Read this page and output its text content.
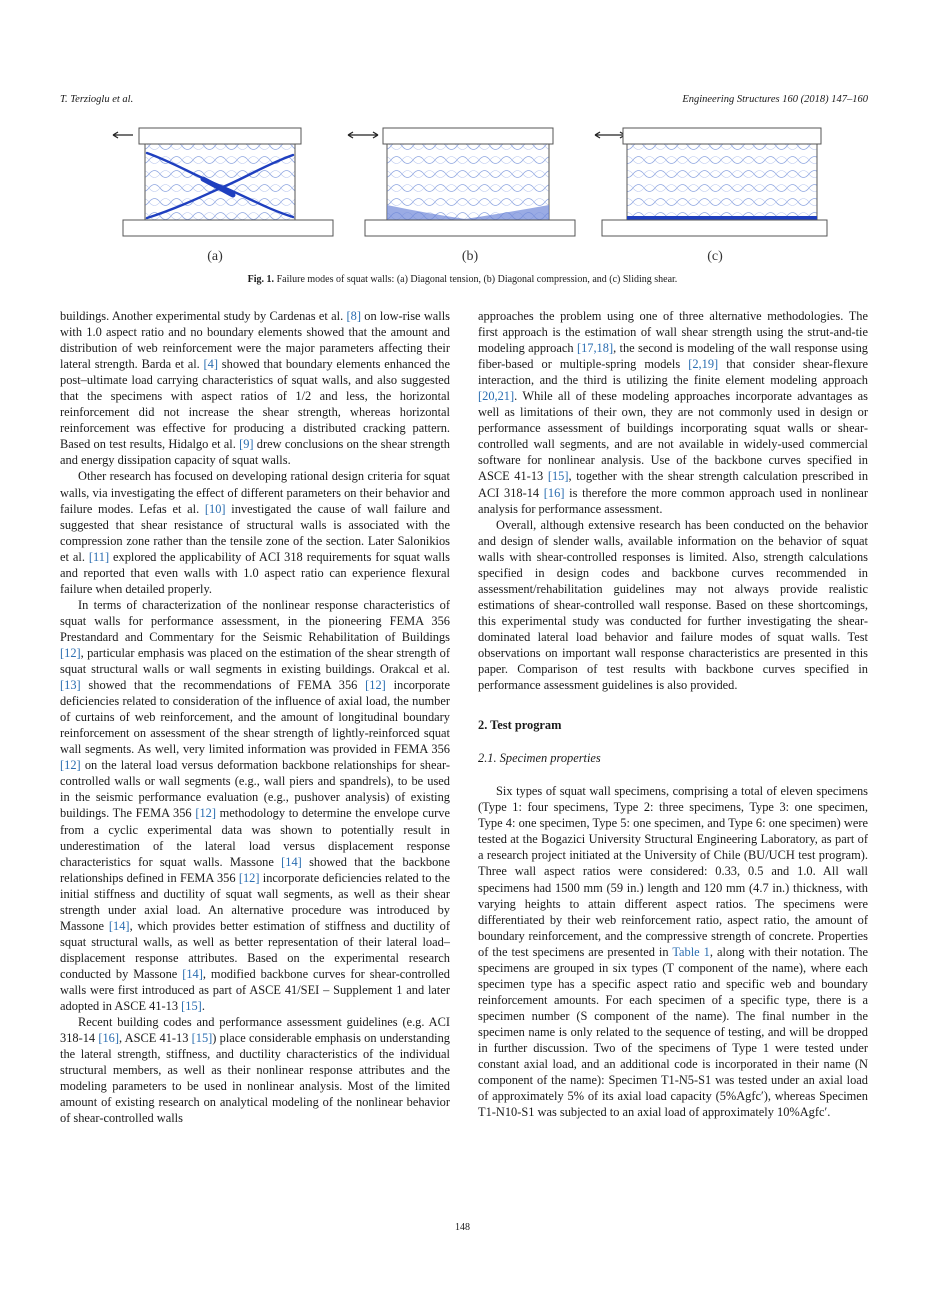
T. Terzioglu et al.	Engineering Structures 160 (2018) 147–160
(a)	(b)	(c)
Fig. 1. Failure modes of squat walls: (a) Diagonal tension, (b) Diagonal compression, and (c) Sliding shear.

buildings. Another experimental study by Cardenas et al. [8] on low-rise walls with 1.0 aspect ratio and no boundary elements showed that the amount and distribution of web reinforcement were the major parameters affecting their lateral strength. Barda et al. [4] showed that boundary elements enhanced the post–ultimate load carrying characteristics of squat walls, and also suggested that the specimens with aspect ratios of 1/2 and less, the horizontal reinforcement did not increase the shear strength, whereas horizontal reinforcement was effective for producing a distributed cracking pattern. Based on test results, Hidalgo et al. [9] drew conclusions on the shear strength and energy dissipation capacity of squat walls.

Other research has focused on developing rational design criteria for squat walls, via investigating the effect of different parameters on their behavior and failure modes. Lefas et al. [10] investigated the cause of wall failure and suggested that shear resistance of structural walls is associated with the compression zone rather than the tensile zone of the section. Later Salonikios et al. [11] explored the applicability of ACI 318 requirements for squat walls and reported that even walls with 1.0 aspect ratio can experience flexural failure when detailed properly.

In terms of characterization of the nonlinear response characteristics of squat walls for performance assessment, in the pioneering FEMA 356 Prestandard and Commentary for the Seismic Rehabilitation of Buildings [12], particular emphasis was placed on the estimation of the shear strength of squat structural walls or wall segments in existing buildings. Orakcal et al. [13] showed that the recommendations of FEMA 356 [12] incorporate deficiencies related to consideration of the influence of axial load, the number of curtains of web reinforcement, and the amount of longitudinal boundary reinforcement on assessment of the shear strength of lightly-reinforced squat wall segments. As well, very limited information was provided in FEMA 356 [12] on the lateral load versus deformation backbone relationships for shear-controlled walls or wall segments (e.g., wall piers and spandrels), to be used in the seismic performance evaluation (e.g., pushover analysis) of existing buildings. The FEMA 356 [12] methodology to determine the envelope curve from a cyclic experimental data was shown to potentially result in underestimation of the lateral load versus displacement response characteristics for squat walls. Massone [14] showed that the backbone relationships defined in FEMA 356 [12] incorporate deficiencies related to the initial stiffness and ductility of squat wall segments, as well as their shear strength under axial load. An alternative procedure was introduced by Massone [14], which provides better estimation of stiffness and ductility of squat structural walls, as well as better representation of their lateral load–displacement response attributes. Based on the experimental research conducted by Massone [14], modified backbone curves for shear-controlled walls were first introduced as part of ASCE 41/SEI – Supplement 1 and later adopted in ASCE 41-13 [15].

Recent building codes and performance assessment guidelines (e.g. ACI 318-14 [16], ASCE 41-13 [15]) place considerable emphasis on understanding the lateral strength, stiffness, and ductility characteristics of the individual structural members, as well as their nonlinear response attributes and the modeling parameters to be used in nonlinear analysis. Most of the limited amount of existing research on analytical modeling of the nonlinear behavior of shear-controlled walls

approaches the problem using one of three alternative methodologies. The first approach is the estimation of wall shear strength using the strut-and-tie modeling approach [17,18], the second is modeling of the wall response using fiber-based or multiple-spring models [2,19] that consider shear-flexure interaction, and the third is utilizing the finite element modeling approach [20,21]. While all of these modeling approaches incorporate advantages as well as limitations of their own, they are not commonly used in design or performance assessment of buildings incorporating squat walls or shear-controlled wall segments, and are not available in widely-used commercial software for nonlinear analysis. Use of the backbone curves specified in ASCE 41-13 [15], together with the shear strength calculation prescribed in ACI 318-14 [16] is therefore the more common approach used in nonlinear analysis for performance assessment.

Overall, although extensive research has been conducted on the behavior and design of slender walls, available information on the behavior of squat walls with shear-controlled responses is limited. Also, strength calculations specified in design codes and backbone curves recommended in assessment/rehabilitation guidelines may not always provide realistic estimations of shear-controlled wall response. Based on these shortcomings, this experimental study was conducted for further investigating the shear-dominated lateral load behavior and failure modes of squat walls. Test observations on important wall response characteristics are presented in this paper. Comparison of test results with backbone curves specified in performance assessment guidelines is also provided.

2. Test program
2.1. Specimen properties

Six types of squat wall specimens, comprising a total of eleven specimens (Type 1: four specimens, Type 2: three specimens, Type 3: one specimen, Type 4: one specimen, Type 5: one specimen, and Type 6: one specimen) were tested at the Bogazici University Structural Engineering Laboratory, as part of a research project initiated at the University of Chile (BU/UCH test program). Three wall aspect ratios were considered: 0.33, 0.5 and 1.0. All wall specimens had 1500 mm (59 in.) length and 120 mm (4.7 in.) thickness, with varying heights to attain different aspect ratios. The specimens were differentiated by their web reinforcement ratio, aspect ratio, the amount of boundary reinforcement, and the compressive strength of concrete. Properties of the test specimens are presented in Table 1, along with their notation. The specimens are grouped in six types (T component of the name), where each specimen type has a specific aspect ratio and specific web and boundary reinforcement amounts. For each specimen of a specific type, there is a specimen number (S component of the name). The final number in the specimen name is only related to the sequence of testing, and will be dropped in further discussion. Two of the specimens of Type 1 were tested under constant axial load, and an additional code is incorporated in their name (N component of the name): Specimen T1-N5-S1 was tested under an axial load of approximately 5% of its axial load capacity (5%Agfc′), whereas Specimen T1-N10-S1 was subjected to an axial load of approximately 10%Agfc′.

148
